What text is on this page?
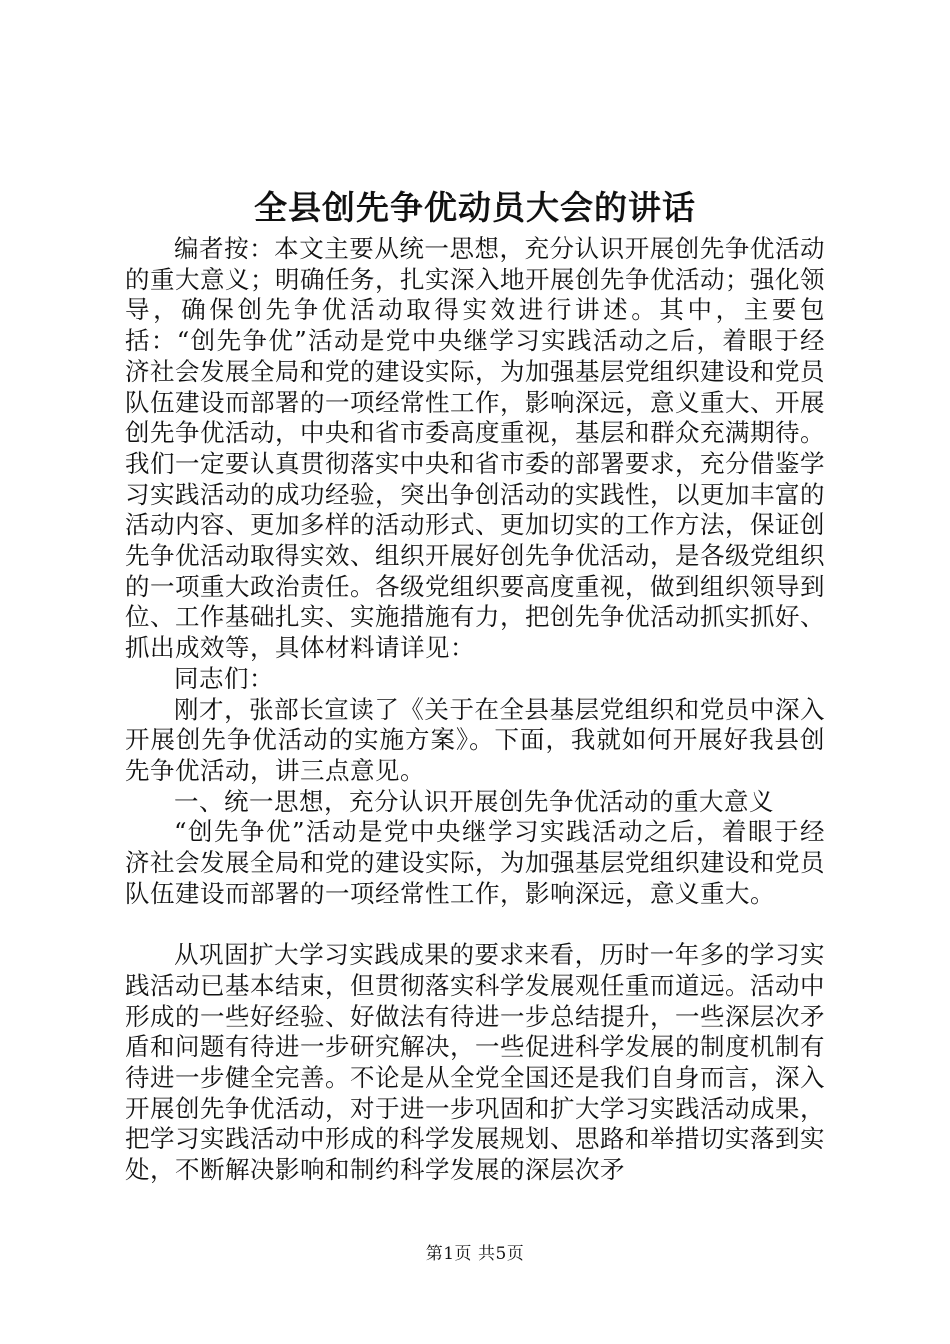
全县创先争优动员大会的讲话

编者按：本文主要从统一思想，充分认识开展创先争优活动的重大意义；明确任务，扎实深入地开展创先争优活动；强化领导，确保创先争优活动取得实效进行讲述。其中，主要包括：“创先争优”活动是党中央继学习实践活动之后，着眼于经济社会发展全局和党的建设实际，为加强基层党组织建设和党员队伍建设而部署的一项经常性工作，影响深远，意义重大、开展创先争优活动，中央和省市委高度重视，基层和群众充满期待。我们一定要认真贯彻落实中央和省市委的部署要求，充分借鉴学习实践活动的成功经验，突出争创活动的实践性，以更加丰富的活动内容、更加多样的活动形式、更加切实的工作方法，保证创先争优活动取得实效、组织开展好创先争优活动，是各级党组织的一项重大政治责任。各级党组织要高度重视，做到组织领导到位、工作基础扎实、实施措施有力，把创先争优活动抓实抓好、抓出成效等，具体材料请详见：

同志们：

刚才，张部长宣读了《关于在全县基层党组织和党员中深入开展创先争优活动的实施方案》。下面，我就如何开展好我县创先争优活动，讲三点意见。

一、统一思想，充分认识开展创先争优活动的重大意义

“创先争优”活动是党中央继学习实践活动之后，着眼于经济社会发展全局和党的建设实际，为加强基层党组织建设和党员队伍建设而部署的一项经常性工作，影响深远，意义重大。

从巩固扩大学习实践成果的要求来看，历时一年多的学习实践活动已基本结束，但贯彻落实科学发展观任重而道远。活动中形成的一些好经验、好做法有待进一步总结提升，一些深层次矛盾和问题有待进一步研究解决，一些促进科学发展的制度机制有待进一步健全完善。不论是从全党全国还是我们自身而言，深入开展创先争优活动，对于进一步巩固和扩大学习实践活动成果，把学习实践活动中形成的科学发展规划、思路和举措切实落到实处，不断解决影响和制约科学发展的深层次矛

第1页 共5页
